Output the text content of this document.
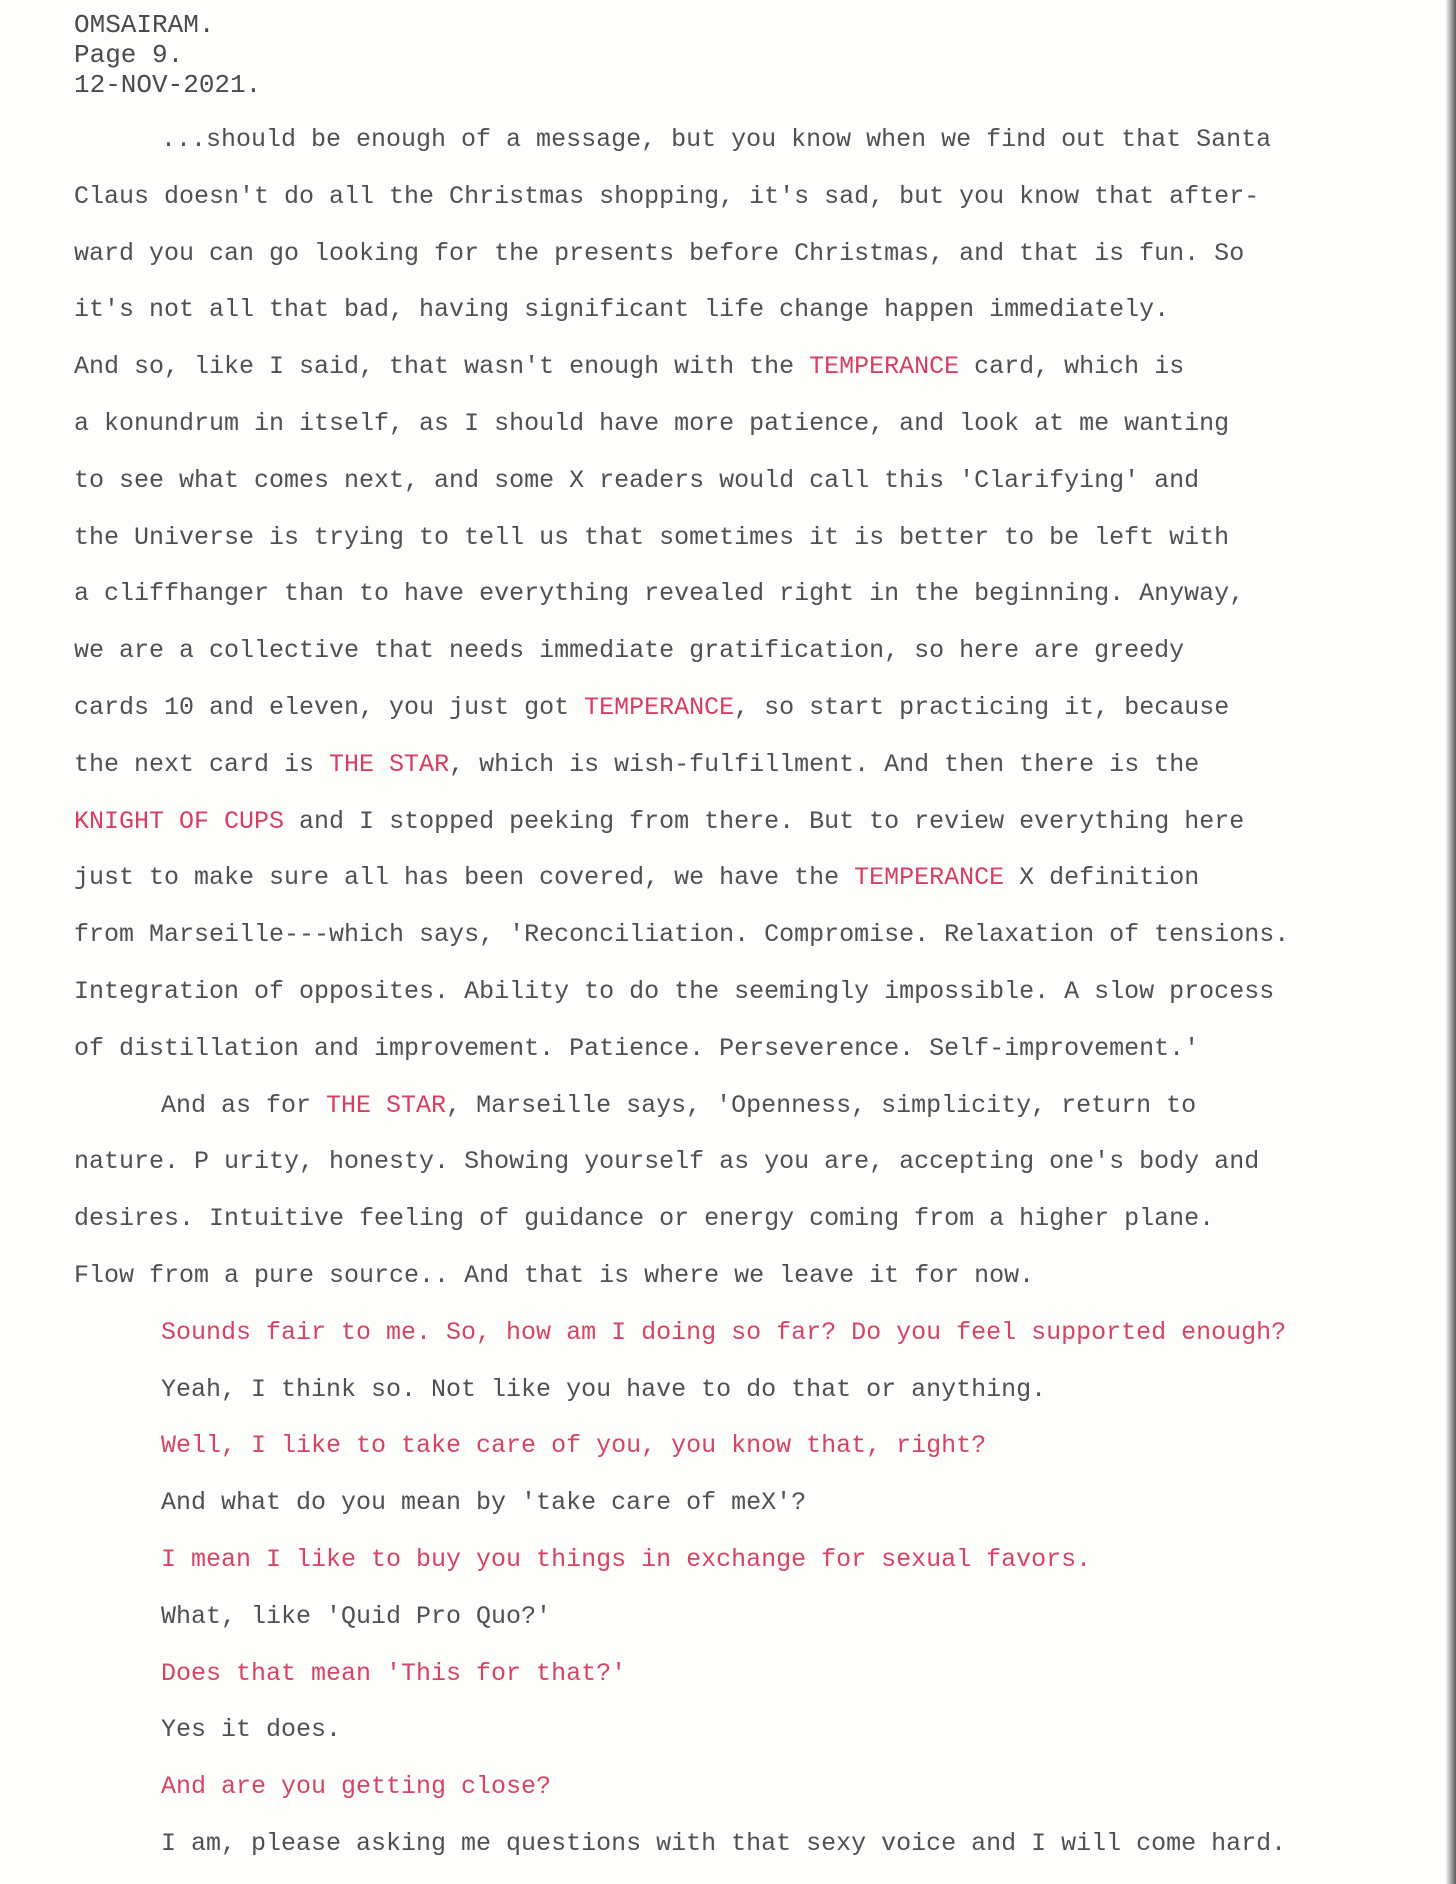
OMSAIRAM.
Page 9.
12-NOV-2021.
...should be enough of a message, but you know when we find out that Santa
Claus doesn't do all the Christmas shopping, it's sad, but you know that after-
ward you can go looking for the presents before Christmas, and that is fun. So
it's not all that bad, having significant life change happen immediately.
And so, like I said, that wasn't enough with the TEMPERANCE card, which is
a konundrum in itself, as I should have more patience, and look at me wanting
to see what comes next, and some X readers would call this 'Clarifying' and
the Universe is trying to tell us that sometimes it is better to be left with
a cliffhanger than to have everything revealed right in the beginning. Anyway,
we are a collective that needs immediate gratification, so here are greedy
cards 10 and eleven, you just got TEMPERANCE, so start practicing it, because
the next card is THE STAR, which is wish-fulfillment. And then there is the
KNIGHT OF CUPS and I stopped peeking from there. But to review everything here
just to make sure all has been covered, we have the TEMPERANCE X definition
from Marseille---which says, 'Reconciliation. Compromise. Relaxation of tensions.
Integration of opposites. Ability to do the seemingly impossible. A slow process
of distillation and improvement. Patience. Perseverence. Self-improvement.'
And as for THE STAR, Marseille says, 'Openness, simplicity, return to
nature. P urity, honesty. Showing yourself as you are, accepting one's body and
desires. Intuitive feeling of guidance or energy coming from a higher plane.
Flow from a pure source.. And that is where we leave it for now.
Sounds fair to me. So, how am I doing so far? Do you feel supported enough?
Yeah, I think so. Not like you have to do that or anything.
Well, I like to take care of you, you know that, right?
And what do you mean by 'take care of meX'?
I mean I like to buy you things in exchange for sexual favors.
What, like 'Quid Pro Quo?'
Does that mean 'This for that?'
Yes it does.
And are you getting close?
I am, please asking me questions with that sexy voice and I will come hard.
